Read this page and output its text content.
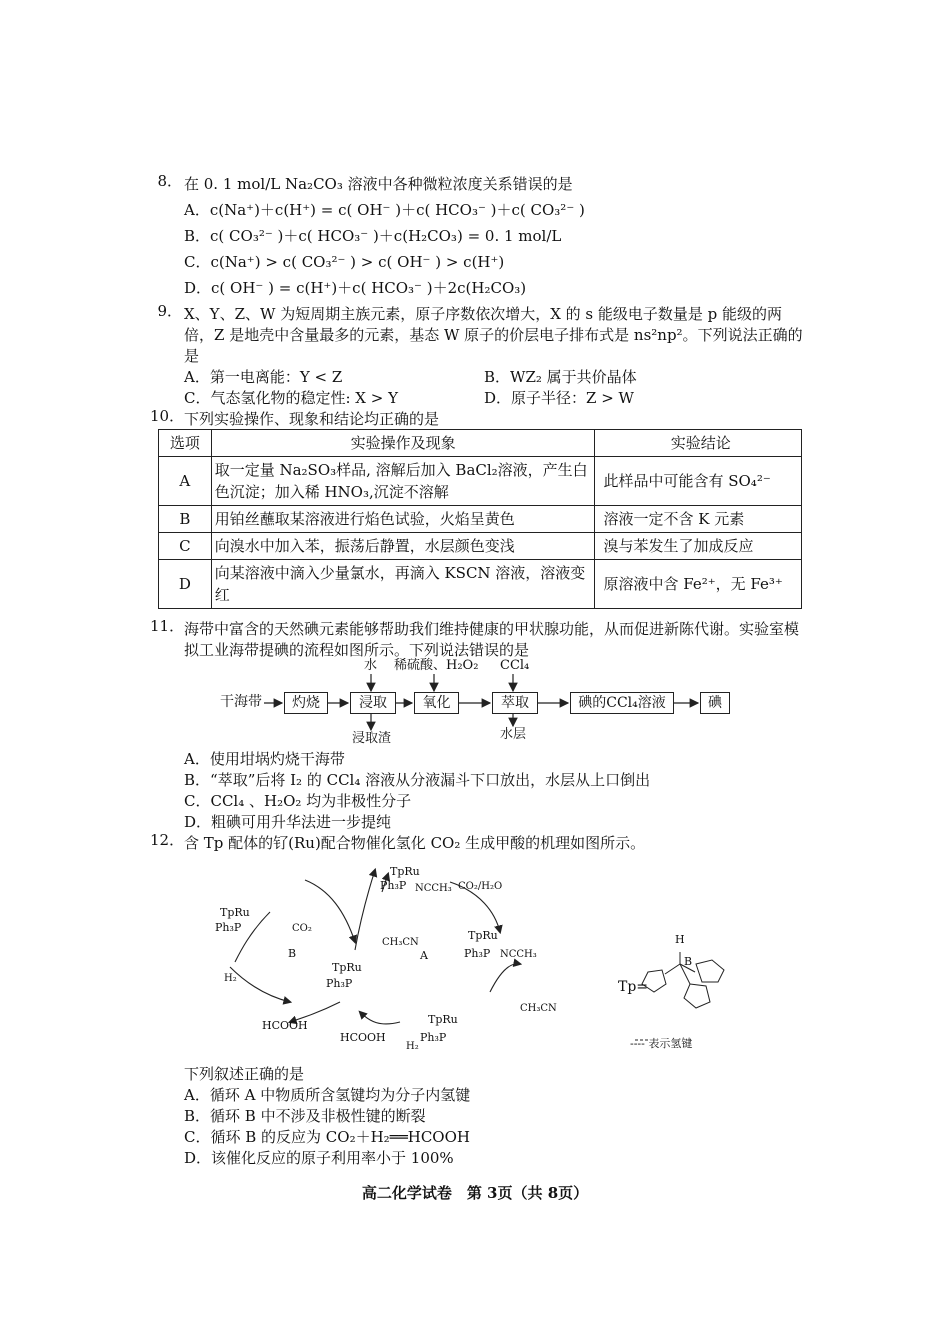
8． 在 0. 1 mol/L Na₂CO₃ 溶液中各种微粒浓度关系错误的是
A．c(Na⁺)＋c(H⁺) = c( OH⁻ )＋c( HCO₃⁻ )＋c( CO₃²⁻ )
B．c( CO₃²⁻ )＋c( HCO₃⁻ )＋c(H₂CO₃) = 0. 1 mol/L
C．c(Na⁺) > c( CO₃²⁻ ) > c( OH⁻ ) > c(H⁺)
D．c( OH⁻ ) = c(H⁺)＋c( HCO₃⁻ )＋2c(H₂CO₃)
9． X、Y、Z、W 为短周期主族元素，原子序数依次增大，X 的 s 能级电子数量是 p 能级的两倍，Z 是地壳中含量最多的元素，基态 W 原子的价层电子排布式是 ns²np²。下列说法正确的是
A．第一电离能：Y < Z	B．WZ₂ 属于共价晶体
C．气态氢化物的稳定性: X > Y	D．原子半径：Z > W
10． 下列实验操作、现象和结论均正确的是
选项	实验操作及现象	实验结论
A	取一定量 Na₂SO₃样品, 溶解后加入 BaCl₂溶液，产生白色沉淀；加入稀 HNO₃,沉淀不溶解	此样品中可能含有 SO₄²⁻
B	用铂丝蘸取某溶液进行焰色试验，火焰呈黄色	溶液一定不含 K 元素
C	向溴水中加入苯，振荡后静置，水层颜色变浅	溴与苯发生了加成反应
D	向某溶液中滴入少量氯水，再滴入 KSCN 溶液，溶液变红	原溶液中含 Fe²⁺，无 Fe³⁺
11． 海带中富含的天然碘元素能够帮助我们维持健康的甲状腺功能，从而促进新陈代谢。实验室模拟工业海带提碘的流程如图所示。下列说法错误的是
干海带	灼烧	浸取	氧化	萃取	碘的CCl₄溶液	碘
水 稀硫酸、H₂O₂ CCl₄
浸取渣	水层
A．使用坩埚灼烧干海带
B．“萃取”后将 I₂ 的 CCl₄ 溶液从分液漏斗下口放出，水层从上口倒出
C．CCl₄ 、H₂O₂ 均为非极性分子
D．粗碘可用升华法进一步提纯
12． 含 Tp 配体的钌(Ru)配合物催化氢化 CO₂ 生成甲酸的机理如图所示。
TpRu
Ph₃P	CO₂
B
H₂
HCOOH
TpRu
Ph₃P NCCH₃ CO₂/H₂O
CH₃CN
A
TpRu
Ph₃P NCCH₃
TpRu
Ph₃P
TpRu
Ph₃P
CH₃CN
H₂
HCOOH
Tp=
H
B
---- 表示氢键
下列叙述正确的是
A．循环 A 中物质所含氢键均为分子内氢键
B．循环 B 中不涉及非极性键的断裂
C．循环 B 的反应为 CO₂＋H₂══HCOOH
D．该催化反应的原子利用率小于 100%
高二化学试卷　第 3页（共 8页）
